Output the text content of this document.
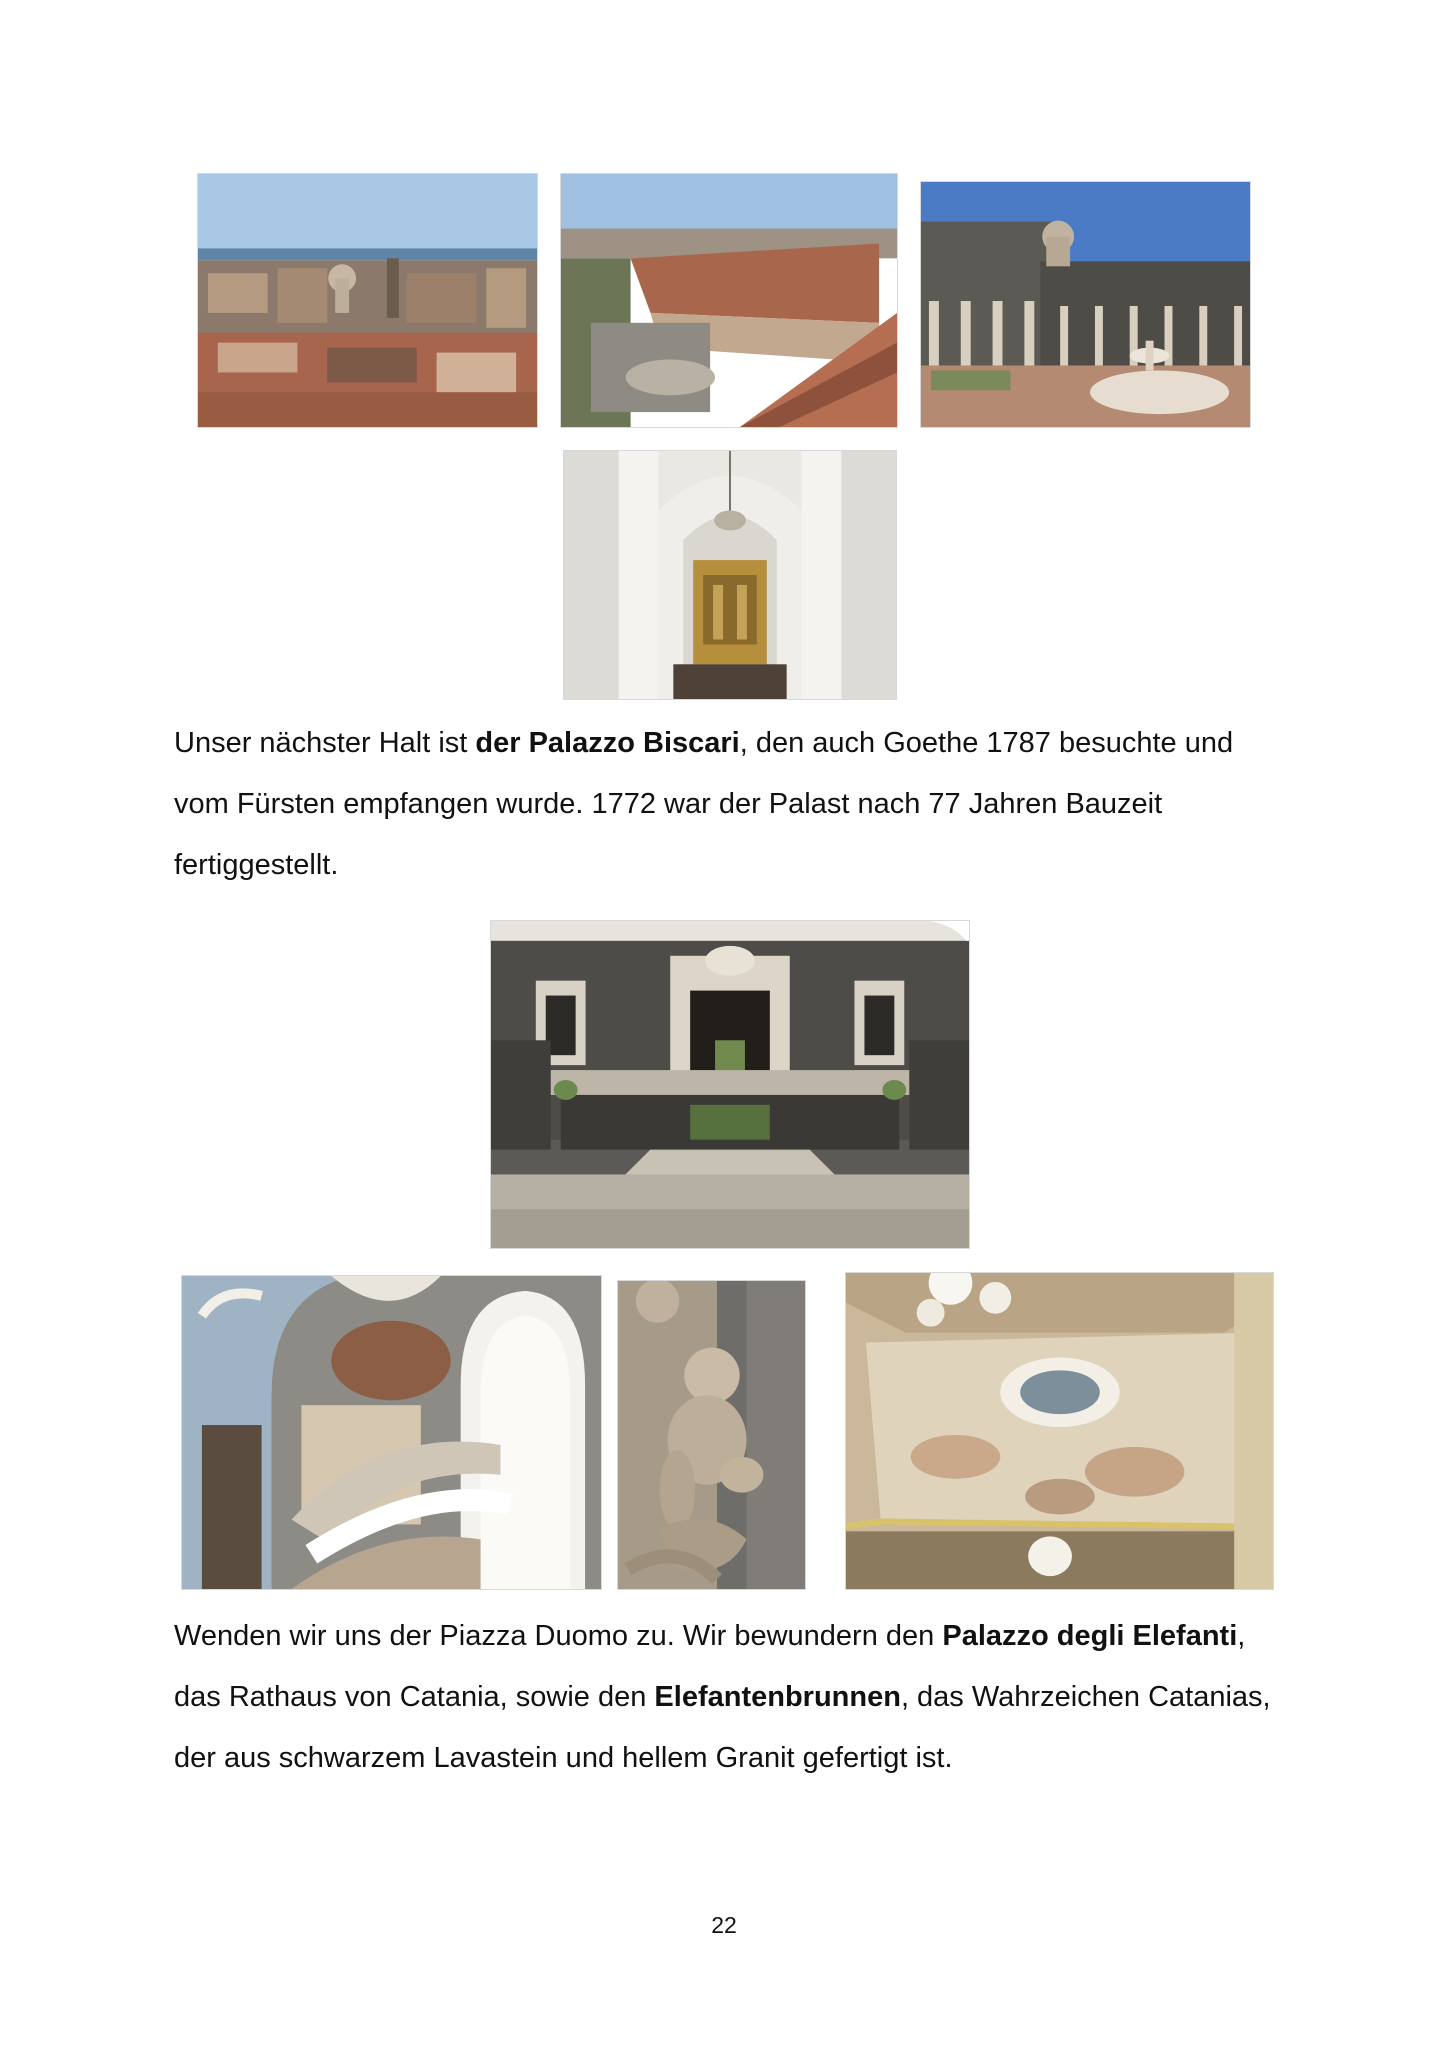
Unser nächster Halt ist der Palazzo Biscari, den auch Goethe 1787 besuchte und vom Fürsten empfangen wurde. 1772 war der Palast nach 77 Jahren Bauzeit fertiggestellt.

Wenden wir uns der Piazza Duomo zu. Wir bewundern den Palazzo degli Elefanti, das Rathaus von Catania, sowie den Elefantenbrunnen, das Wahrzeichen Catanias, der aus schwarzem Lavastein und hellem Granit gefertigt ist.

22
